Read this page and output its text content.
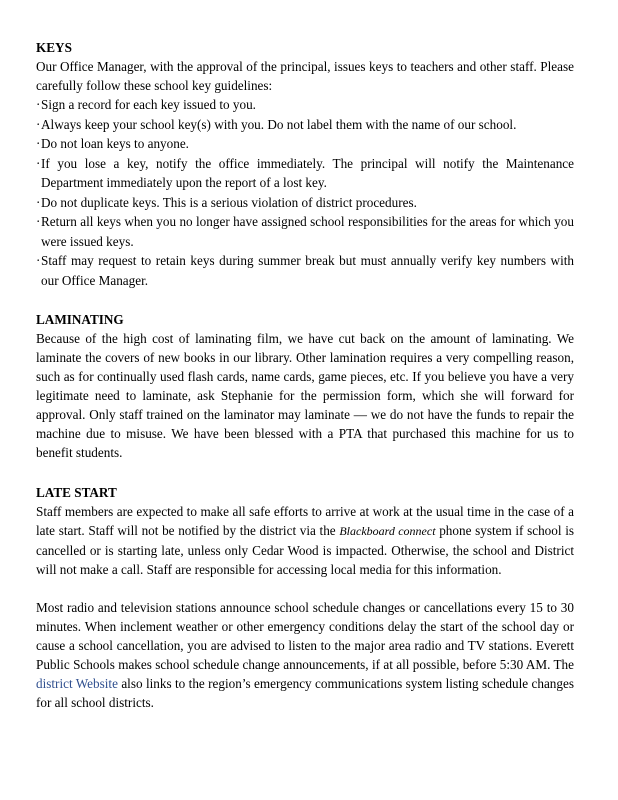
KEYS

Our Office Manager, with the approval of the principal, issues keys to teachers and other staff. Please carefully follow these school key guidelines:

· Sign a record for each key issued to you.
· Always keep your school key(s) with you. Do not label them with the name of our school.
· Do not loan keys to anyone.
· If you lose a key, notify the office immediately. The principal will notify the Maintenance Department immediately upon the report of a lost key.
· Do not duplicate keys. This is a serious violation of district procedures.
· Return all keys when you no longer have assigned school responsibilities for the areas for which you were issued keys.
· Staff may request to retain keys during summer break but must annually verify key numbers with our Office Manager.
LAMINATING

Because of the high cost of laminating film, we have cut back on the amount of laminating. We laminate the covers of new books in our library. Other lamination requires a very compelling reason, such as for continually used flash cards, name cards, game pieces, etc. If you believe you have a very legitimate need to laminate, ask Stephanie for the permission form, which she will forward for approval. Only staff trained on the laminator may laminate — we do not have the funds to repair the machine due to misuse. We have been blessed with a PTA that purchased this machine for us to benefit students.

LATE START

Staff members are expected to make all safe efforts to arrive at work at the usual time in the case of a late start. Staff will not be notified by the district via the Blackboard connect phone system if school is cancelled or is starting late, unless only Cedar Wood is impacted. Otherwise, the school and District will not make a call. Staff are responsible for accessing local media for this information.

Most radio and television stations announce school schedule changes or cancellations every 15 to 30 minutes. When inclement weather or other emergency conditions delay the start of the school day or cause a school cancellation, you are advised to listen to the major area radio and TV stations. Everett Public Schools makes school schedule change announcements, if at all possible, before 5:30 AM. The district Website also links to the region’s emergency communications system listing schedule changes for all school districts.
